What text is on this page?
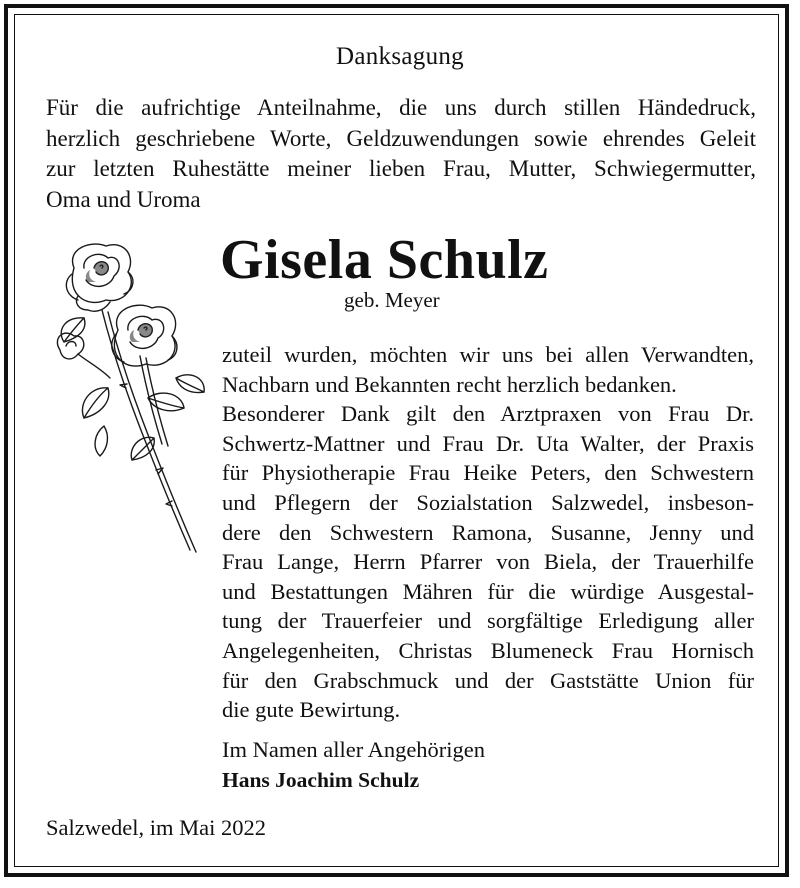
Danksagung
Für die aufrichtige Anteilnahme, die uns durch stillen Händedruck,
herzlich geschriebene Worte, Geldzuwendungen sowie ehrendes Geleit
zur letzten Ruhestätte meiner lieben Frau, Mutter, Schwiegermutter,
Oma und Uroma
Gisela Schulz
geb. Meyer
zuteil wurden, möchten wir uns bei allen Verwandten,
Nachbarn und Bekannten recht herzlich bedanken.
Besonderer Dank gilt den Arztpraxen von Frau Dr.
Schwertz-Mattner und Frau Dr. Uta Walter, der Praxis
für Physiotherapie Frau Heike Peters, den Schwestern
und Pflegern der Sozialstation Salzwedel, insbeson-
dere den Schwestern Ramona, Susanne, Jenny und
Frau Lange, Herrn Pfarrer von Biela, der Trauerhilfe
und Bestattungen Mähren für die würdige Ausgestal-
tung der Trauerfeier und sorgfältige Erledigung aller
Angelegenheiten, Christas Blumeneck Frau Hornisch
für den Grabschmuck und der Gaststätte Union für
die gute Bewirtung.
Im Namen aller Angehörigen
Hans Joachim Schulz
Salzwedel, im Mai 2022
